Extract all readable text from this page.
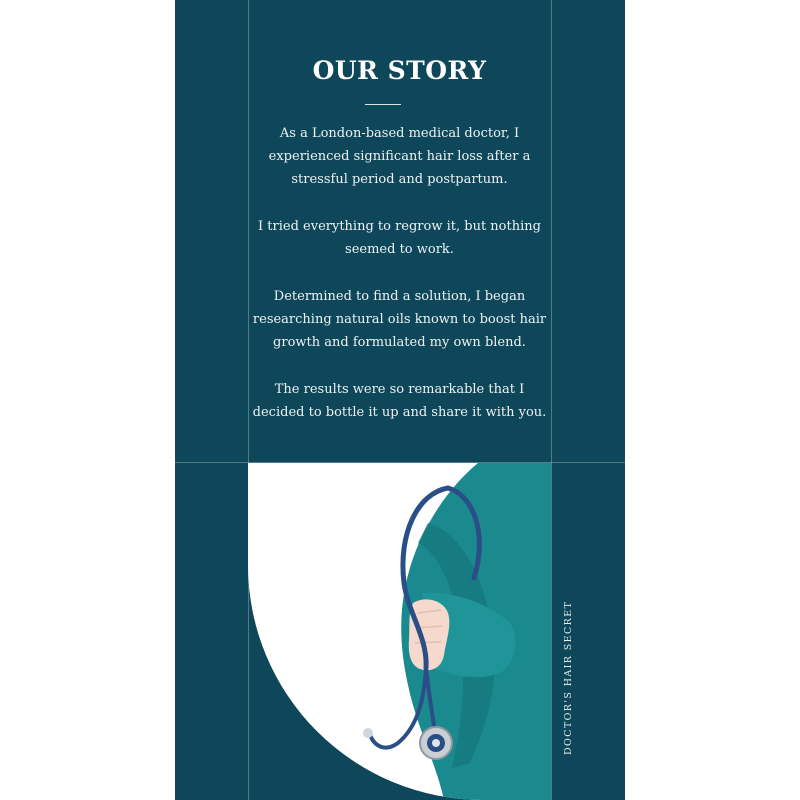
OUR STORY

As a London-based medical doctor, I experienced significant hair loss after a stressful period and postpartum.

I tried everything to regrow it, but nothing seemed to work.

Determined to find a solution, I began researching natural oils known to boost hair growth and formulated my own blend.

The results were so remarkable that I decided to bottle it up and share it with you.

DOCTOR'S HAIR SECRET
